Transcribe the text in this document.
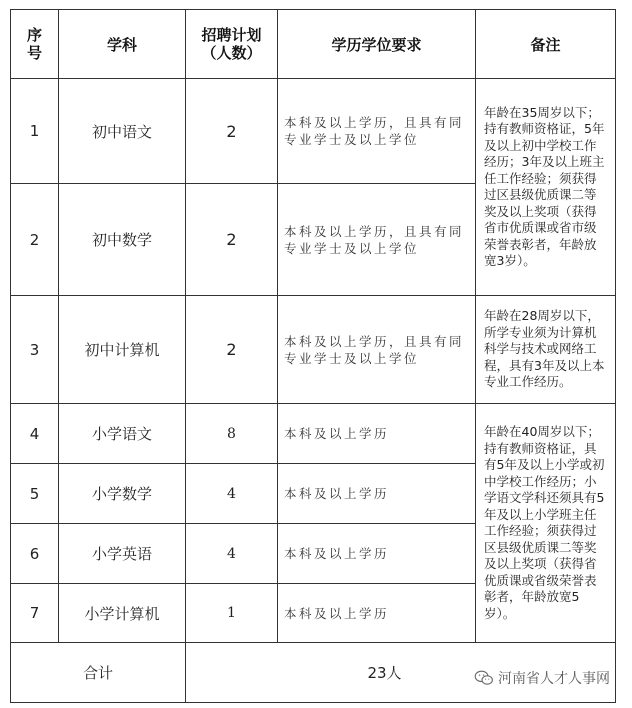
序号	学科	招聘计划（人数）	学历学位要求	备注
1	初中语文	2	本科及以上学历，且具有同专业学士及以上学位	年龄在35周岁以下；持有教师资格证，5年及以上初中学校工作经历；3年及以上班主任工作经验；须获得过区县级优质课二等奖及以上奖项（获得省市优质课或省市级荣誉表彰者，年龄放宽3岁）。
2	初中数学	2	本科及以上学历，且具有同专业学士及以上学位	
3	初中计算机	2	本科及以上学历，且具有同专业学士及以上学位	年龄在28周岁以下，所学专业须为计算机科学与技术或网络工程，具有3年及以上本专业工作经历。
4	小学语文	8	本科及以上学历	年龄在40周岁以下；持有教师资格证，具有5年及以上小学或初中学校工作经历；小学语文学科还须具有5年及以上小学班主任工作经验；须获得过区县级优质课二等奖及以上奖项（获得省优质课或省级荣誉表彰者，年龄放宽5岁）。
5	小学数学	4	本科及以上学历	
6	小学英语	4	本科及以上学历	
7	小学计算机	1	本科及以上学历	
合计		23人			河南省人才人事网
